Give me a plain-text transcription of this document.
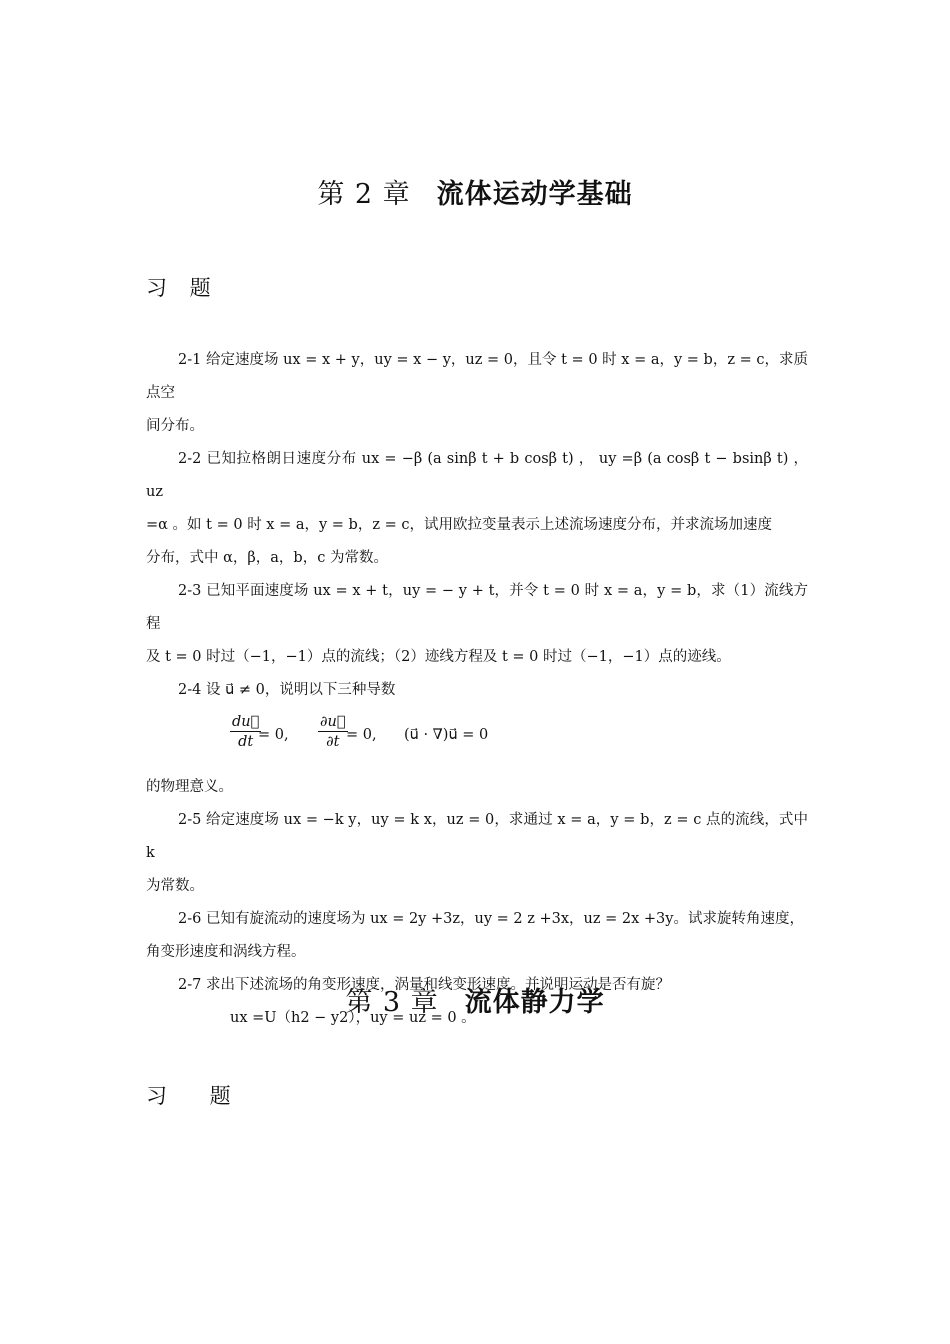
第 2 章 流体运动学基础
习 题

2-1 给定速度场 ux = x + y，uy = x − y，uz = 0，且令 t = 0 时 x = a，y = b，z = c，求质点空

间分布。

2-2 已知拉格朗日速度分布 ux = −β (a sinβ t + b cosβ t) ， uy =β (a cosβ t − bsinβ t) ， uz

=α 。如 t = 0 时 x = a，y = b，z = c，试用欧拉变量表示上述流场速度分布，并求流场加速度

分布，式中 α，β，a，b，c 为常数。

2-3 已知平面速度场 ux = x + t，uy = − y + t，并令 t = 0 时 x = a，y = b，求（1）流线方程

及 t = 0 时过（−1，−1）点的流线；（2）迹线方程及 t = 0 时过（−1，−1）点的迹线。

2-4 设 u⃗ ≠ 0，说明以下三种导数

$\frac{du⃗}{dt}$
= 0, $\frac{\partial u⃗}{\partial t}$
= 0, (u⃗ · ∇)u⃗ = 0

的物理意义。

2-5 给定速度场 ux = −k y，uy = k x，uz = 0，求通过 x = a，y = b，z = c 点的流线，式中 k

为常数。

2-6 已知有旋流动的速度场为 ux = 2y +3z，uy = 2 z +3x，uz = 2x +3y。试求旋转角速度，

角变形速度和涡线方程。

2-7 求出下述流场的角变形速度，涡量和线变形速度。并说明运动是否有旋？

ux =U（h2 − y2），uy = uz = 0 。

第 3 章 流体静力学
习 题
